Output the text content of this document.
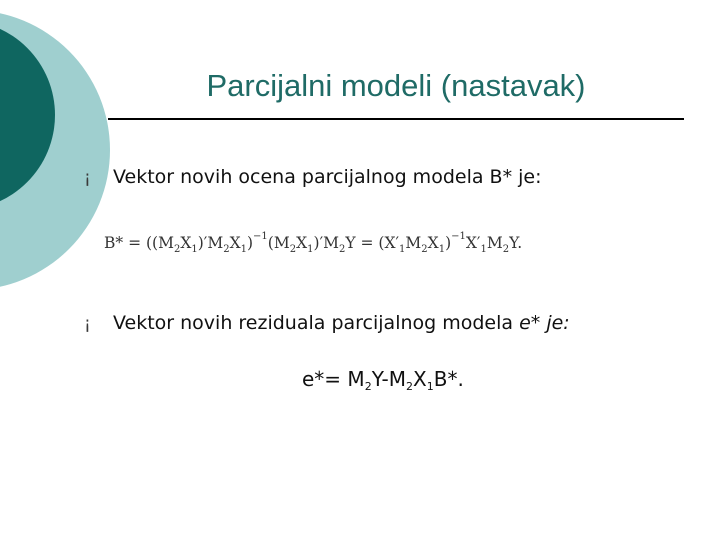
Parcijalni modeli (nastavak)
¡ Vektor novih ocena parcijalnog modela B* je:
$B* = ((M_2X_1)'M_2X_1)^{-1}(M_2X_1)'M_2Y = (X'_1M_2X_1)^{-1}X'_1M_2Y$.
¡ Vektor novih reziduala parcijalnog modela e* je:
$e*= M_2Y-M_2X_1B*$.
